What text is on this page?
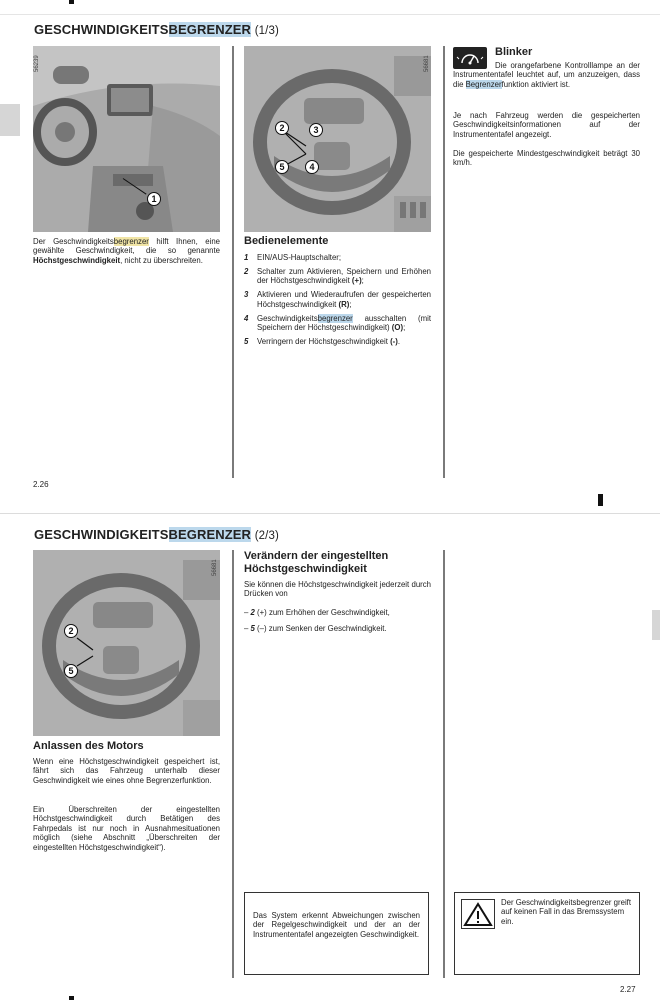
GESCHWINDIGKEITSBEGRENZER (1/3)
1
56239
2	3
5	4
56681
Der Geschwindigkeitsbegrenzer hilft Ihnen, eine gewählte Geschwindigkeit, die so genannte Höchstgeschwindigkeit, nicht zu überschreiten.
Bedienelemente
1	EIN/AUS-Hauptschalter;
2	Schalter zum Aktivieren, Speichern und Erhöhen der Höchstgeschwindigkeit (+);
3	Aktivieren und Wiederaufrufen der gespeicherten Höchstgeschwindigkeit (R);
4	Geschwindigkeitsbegrenzer ausschalten (mit Speichern der Höchstgeschwindigkeit) (O);
5	Verringern der Höchstgeschwindigkeit (-).
Blinker
Die orangefarbene Kontrolllampe an der Instrumententafel leuchtet auf, um anzuzeigen, dass die Begrenzerfunktion aktiviert ist.
Je nach Fahrzeug werden die gespeicherten Geschwindigkeitsinformationen auf der Instrumententafel angezeigt.
Die gespeicherte Mindestgeschwindigkeit beträgt 30 km/h.
2.26
GESCHWINDIGKEITSBEGRENZER (2/3)
2
5
56681
Anlassen des Motors
Wenn eine Höchstgeschwindigkeit gespeichert ist, fährt sich das Fahrzeug unterhalb dieser Geschwindigkeit wie eines ohne Begrenzerfunktion.
Ein Überschreiten der eingestellten Höchstgeschwindigkeit durch Betätigen des Fahrpedals ist nur noch in Ausnahmesituationen möglich (siehe Abschnitt „Überschreiten der eingestellten Höchstgeschwindigkeit“).
Verändern der eingestellten Höchstgeschwindigkeit
Sie können die Höchstgeschwindigkeit jederzeit durch Drücken von
– 2 (+) zum Erhöhen der Geschwindigkeit,
– 5 (–) zum Senken der Geschwindigkeit.
Das System erkennt Abweichungen zwischen der Regelgeschwindigkeit und der an der Instrumententafel angezeigten Geschwindigkeit.
Der Geschwindigkeitsbegrenzer greift auf keinen Fall in das Bremssystem ein.
2.27
